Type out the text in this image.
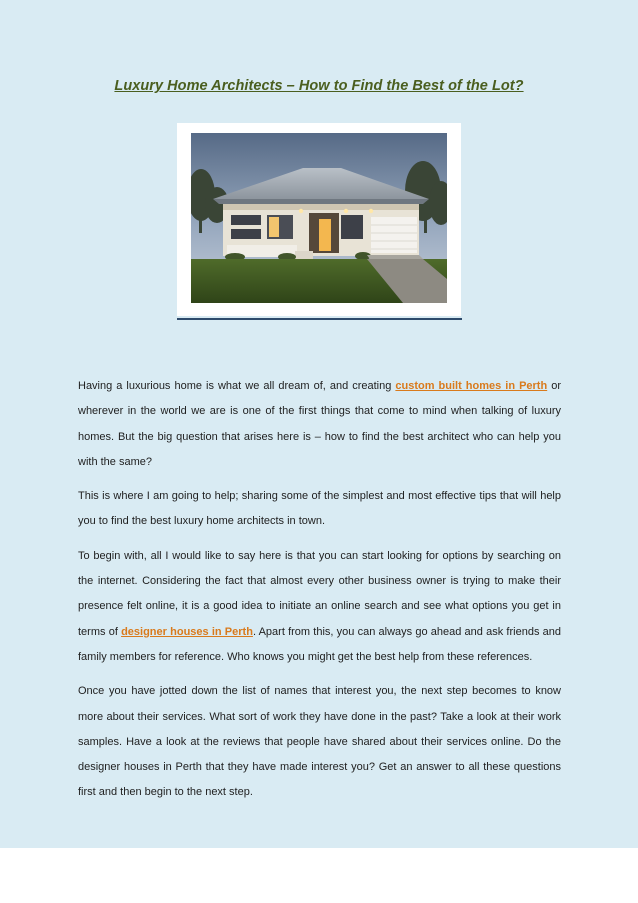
Luxury Home Architects – How to Find the Best of the Lot?

Having a luxurious home is what we all dream of, and creating custom built homes in Perth or wherever in the world we are is one of the first things that come to mind when talking of luxury homes. But the big question that arises here is – how to find the best architect who can help you with the same?

This is where I am going to help; sharing some of the simplest and most effective tips that will help you to find the best luxury home architects in town.

To begin with, all I would like to say here is that you can start looking for options by searching on the internet. Considering the fact that almost every other business owner is trying to make their presence felt online, it is a good idea to initiate an online search and see what options you get in terms of designer houses in Perth. Apart from this, you can always go ahead and ask friends and family members for reference. Who knows you might get the best help from these references.

Once you have jotted down the list of names that interest you, the next step becomes to know more about their services. What sort of work they have done in the past? Take a look at their work samples. Have a look at the reviews that people have shared about their services online. Do the designer houses in Perth that they have made interest you? Get an answer to all these questions first and then begin to the next step.
